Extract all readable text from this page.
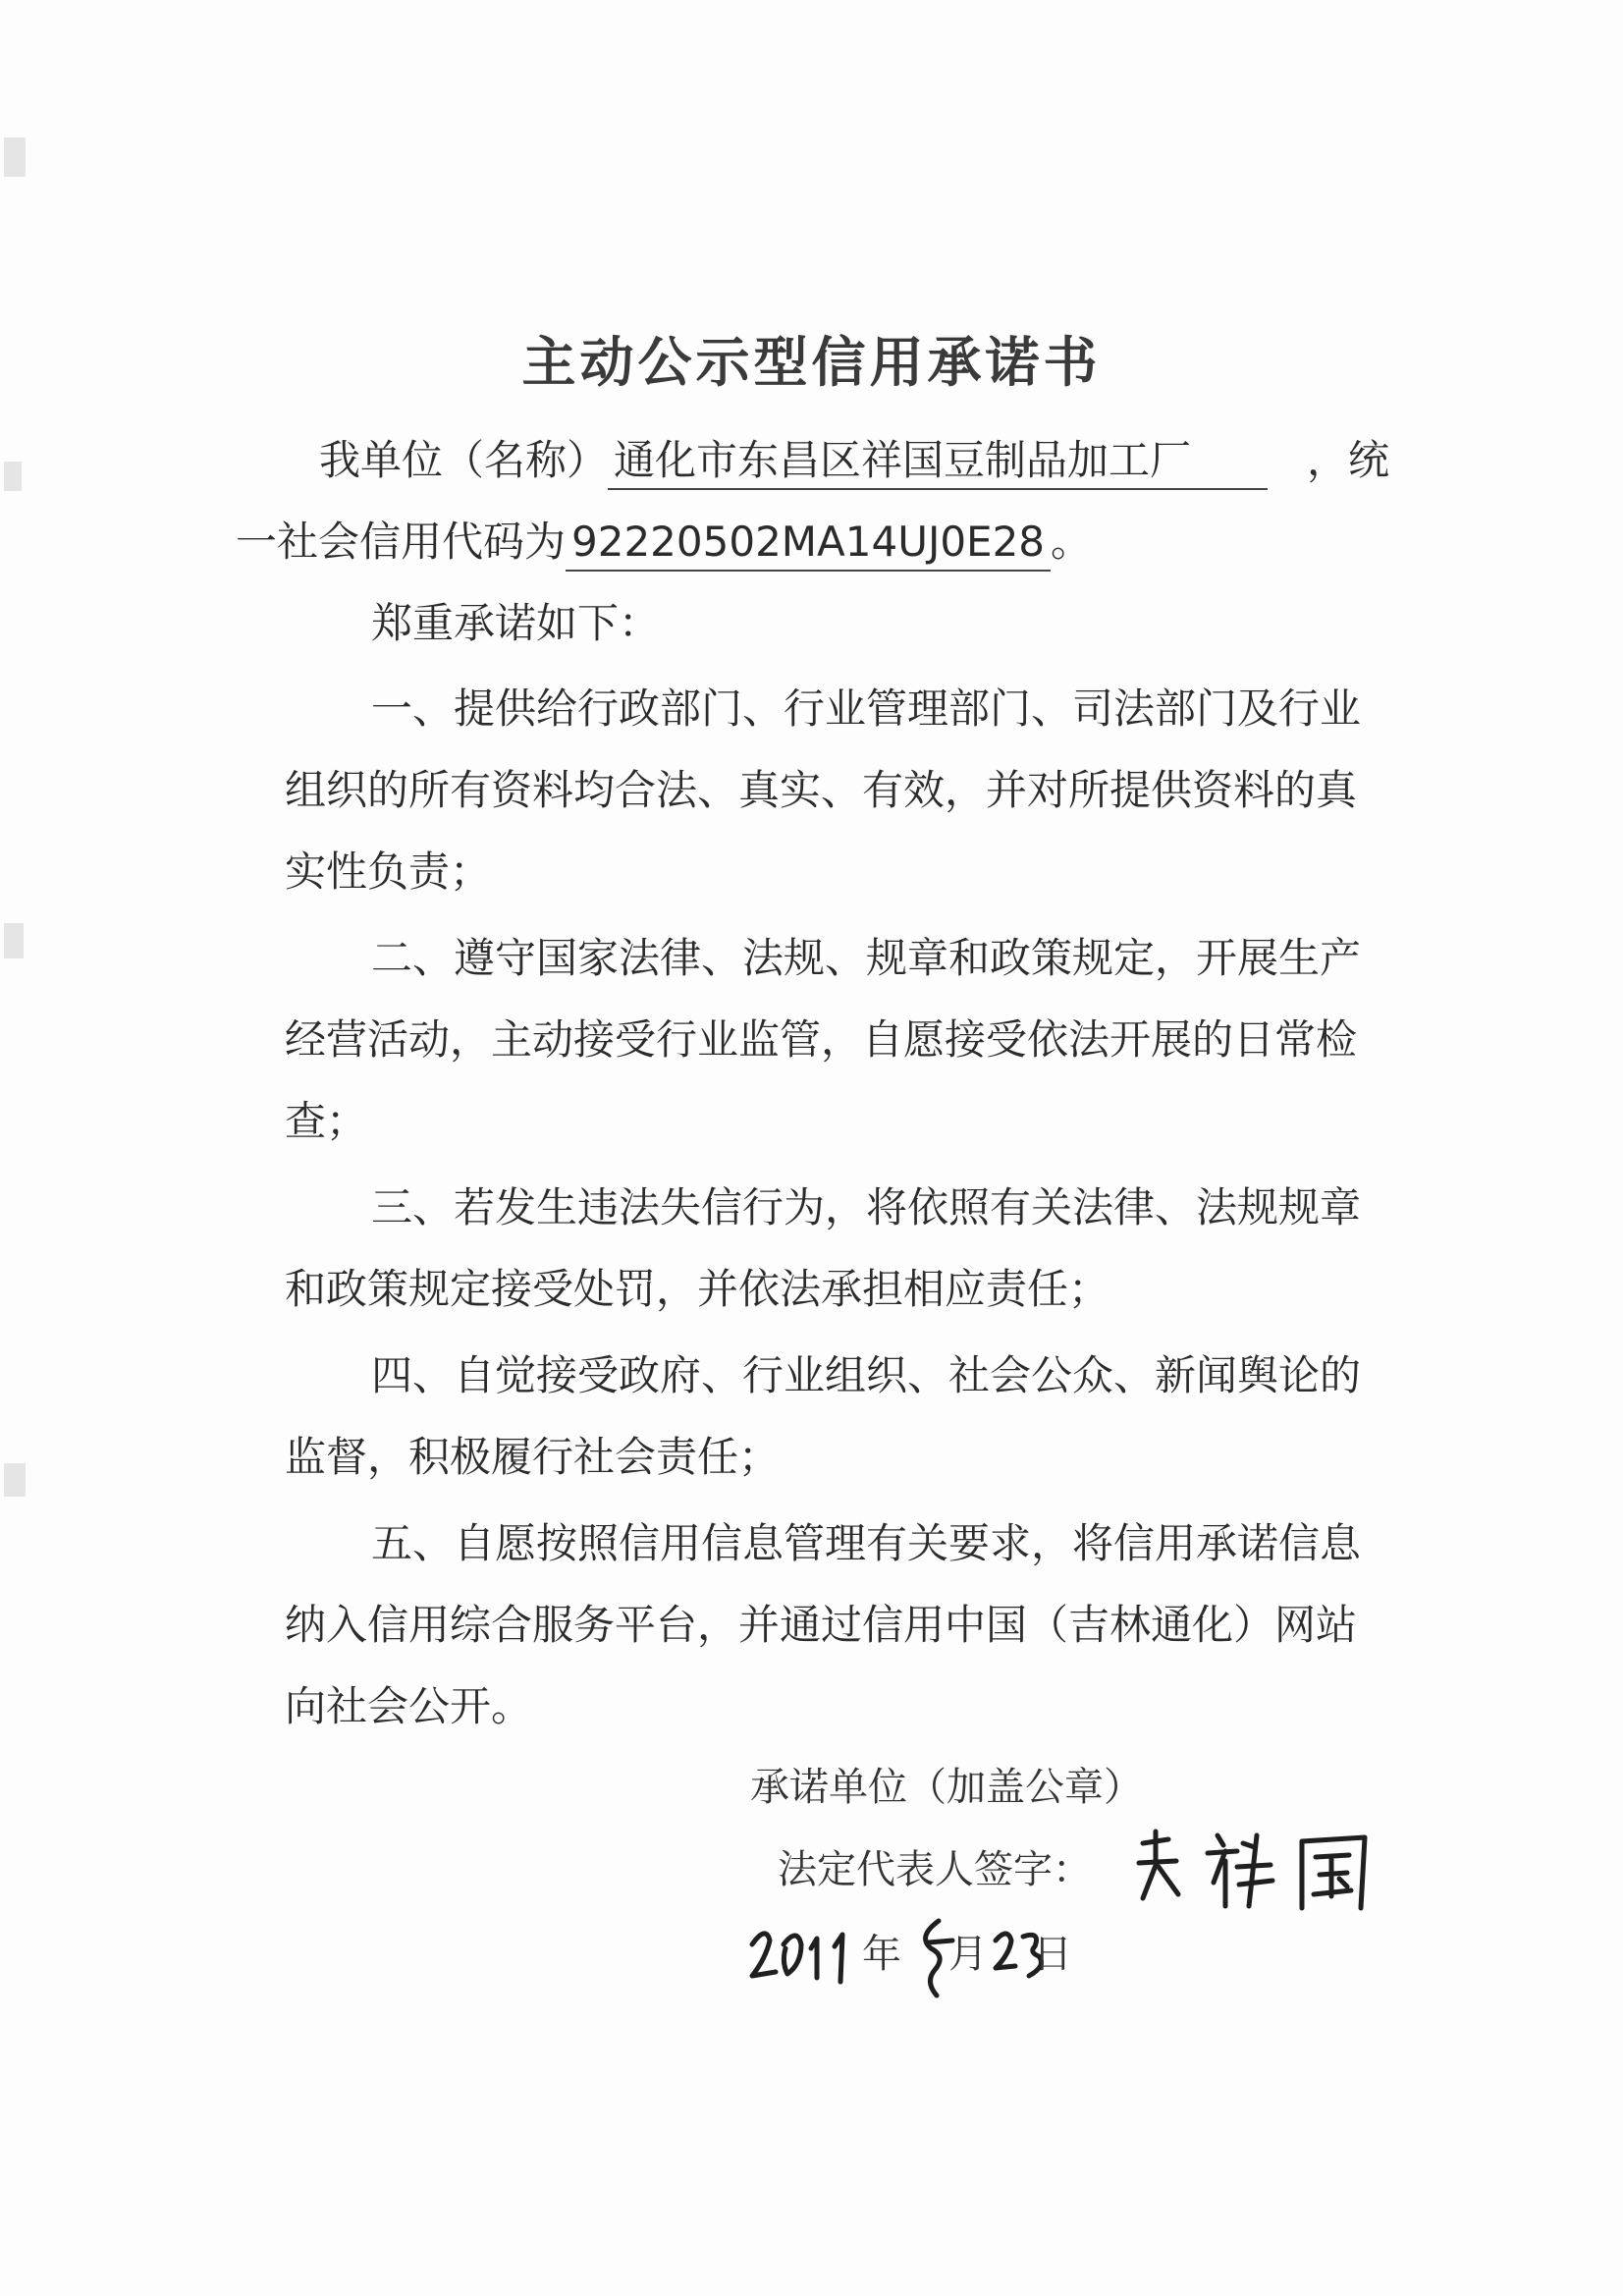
主动公示型信用承诺书

我单位（名称） 通化市东昌区祥国豆制品加工厂	，统

一社会信用代码为 92220502MA14UJ0E28 。

郑重承诺如下：

一、提供给行政部门、行业管理部门、司法部门及行业

组织的所有资料均合法、真实、有效，并对所提供资料的真

实性负责；

二、遵守国家法律、法规、规章和政策规定，开展生产

经营活动，主动接受行业监管，自愿接受依法开展的日常检

查；

三、若发生违法失信行为，将依照有关法律、法规规章

和政策规定接受处罚，并依法承担相应责任；

四、自觉接受政府、行业组织、社会公众、新闻舆论的

监督，积极履行社会责任；

五、自愿按照信用信息管理有关要求，将信用承诺信息

纳入信用综合服务平台，并通过信用中国（吉林通化）网站

向社会公开。

承诺单位（加盖公章）
法定代表人签字：
年 月 日
